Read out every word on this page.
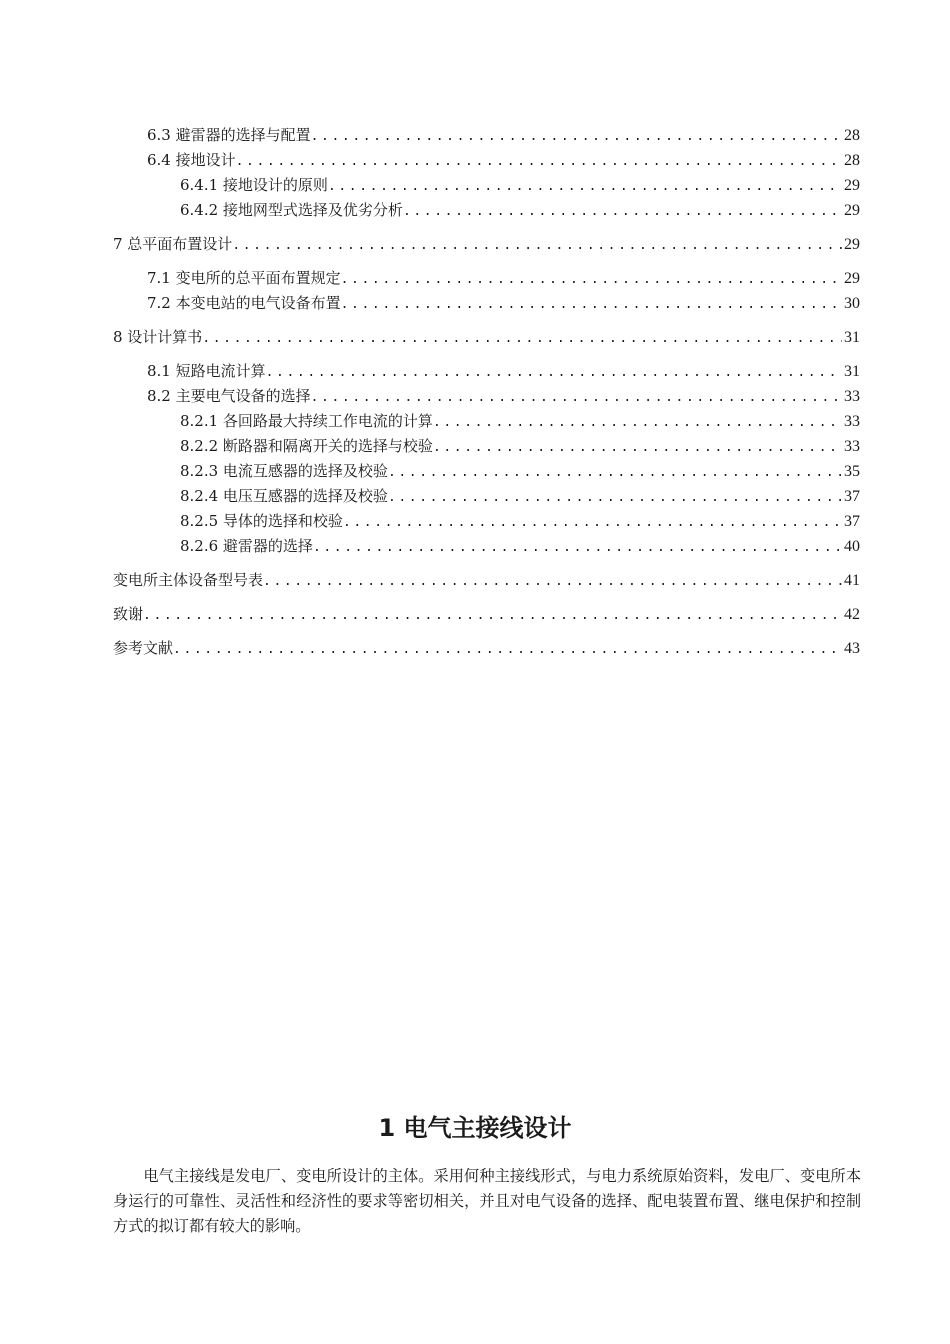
6.3 避雷器的选择与配置 .....	28
6.4 接地设计 .....	28
6.4.1 接地设计的原则 .....	29
6.4.2 接地网型式选择及优劣分析 .....	29
7 总平面布置设计 .....	29
7.1 变电所的总平面布置规定 .....	29
7.2 本变电站的电气设备布置 .....	30
8 设计计算书 .....	31
8.1 短路电流计算 .....	31
8.2 主要电气设备的选择 .....	33
8.2.1 各回路最大持续工作电流的计算 .....	33
8.2.2 断路器和隔离开关的选择与校验 .....	33
8.2.3 电流互感器的选择及校验 .....	35
8.2.4 电压互感器的选择及校验 .....	37
8.2.5 导体的选择和校验 .....	37
8.2.6 避雷器的选择 .....	40
变电所主体设备型号表 .....	41
致谢 .....	42
参考文献 .....	43
1 电气主接线设计

电气主接线是发电厂、变电所设计的主体。采用何种主接线形式，与电力系统原始资料，发电厂、变电所本身运行的可靠性、灵活性和经济性的要求等密切相关，并且对电气设备的选择、配电装置布置、继电保护和控制方式的拟订都有较大的影响。
